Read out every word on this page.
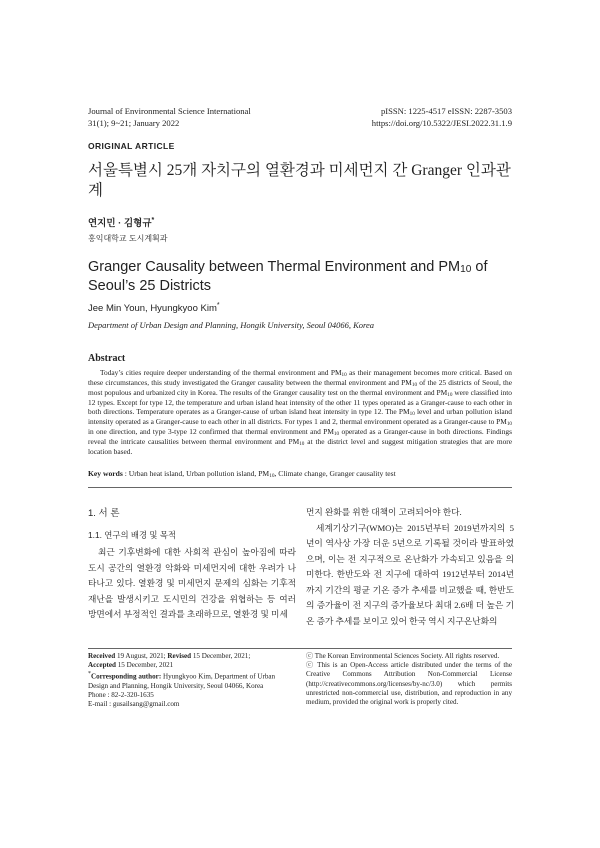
Journal of Environmental Science International
31(1); 9~21; January 2022
pISSN: 1225-4517 eISSN: 2287-3503
https://doi.org/10.5322/JESI.2022.31.1.9
ORIGINAL ARTICLE
서울특별시 25개 자치구의 열환경과 미세먼지 간 Granger 인과관계
연지민 · 김형규*
홍익대학교 도시계획과
Granger Causality between Thermal Environment and $PM_{10}$ of Seoul’s 25 Districts
Jee Min Youn, Hyungkyoo Kim*
Department of Urban Design and Planning, Hongik University, Seoul 04066, Korea
Abstract
Today’s cities require deeper understanding of the thermal environment and $PM_{10}$ as their management becomes more critical. Based on these circumstances, this study investigated the Granger causality between the thermal environment and $PM_{10}$ of the 25 districts of Seoul, the most populous and urbanized city in Korea. The results of the Granger causality test on the thermal environment and $PM_{10}$ were classified into 12 types. Except for type 12, the temperature and urban island heat intensity of the other 11 types operated as a Granger-cause to each other in both directions. Temperature operates as a Granger-cause of urban island heat intensity in type 12. The $PM_{10}$ level and urban pollution island intensity operated as a Granger-cause to each other in all districts. For types 1 and 2, thermal environment operated as a Granger-cause to $PM_{10}$ in one direction, and type 3-type 12 confirmed that thermal environment and $PM_{10}$ operated as a Granger-cause in both directions. Findings reveal the intricate causalities between thermal environment and $PM_{10}$ at the district level and suggest mitigation strategies that are more location based.
Key words : Urban heat island, Urban pollution island, $PM_{10}$, Climate change, Granger causality test
1. 서 론
1.1. 연구의 배경 및 목적

최근 기후변화에 대한 사회적 관심이 높아짐에 따라 도시 공간의 열환경 악화와 미세먼지에 대한 우려가 나타나고 있다. 열환경 및 미세먼지 문제의 심화는 기후적 재난을 발생시키고 도시민의 건강을 위협하는 등 여러 방면에서 부정적인 결과를 초래하므로, 열환경 및 미세

먼지 완화를 위한 대책이 고려되어야 한다.

세계기상기구(WMO)는 2015년부터 2019년까지의 5년이 역사상 가장 더운 5년으로 기록될 것이라 발표하였으며, 이는 전 지구적으로 온난화가 가속되고 있음을 의미한다. 한반도와 전 지구에 대하여 1912년부터 2014년까지 기간의 평균 기온 증가 추세를 비교했을 때, 한반도의 증가율이 전 지구의 증가율보다 최대 2.6배 더 높은 기온 증가 추세를 보이고 있어 한국 역시 지구온난화의

Received 19 August, 2021; Revised 15 December, 2021;
Accepted 15 December, 2021
*Corresponding author: Hyungkyoo Kim, Department of Urban Design and Planning, Hongik University, Seoul 04066, Korea
Phone : 82-2-320-1635
E-mail : gusailsang@gmail.com
ⓒ The Korean Environmental Sciences Society. All rights reserved.
ⓒ This is an Open-Access article distributed under the terms of the Creative Commons Attribution Non-Commercial License (http://creativecommons.org/licenses/by-nc/3.0) which permits unrestricted non-commercial use, distribution, and reproduction in any medium, provided the original work is properly cited.
